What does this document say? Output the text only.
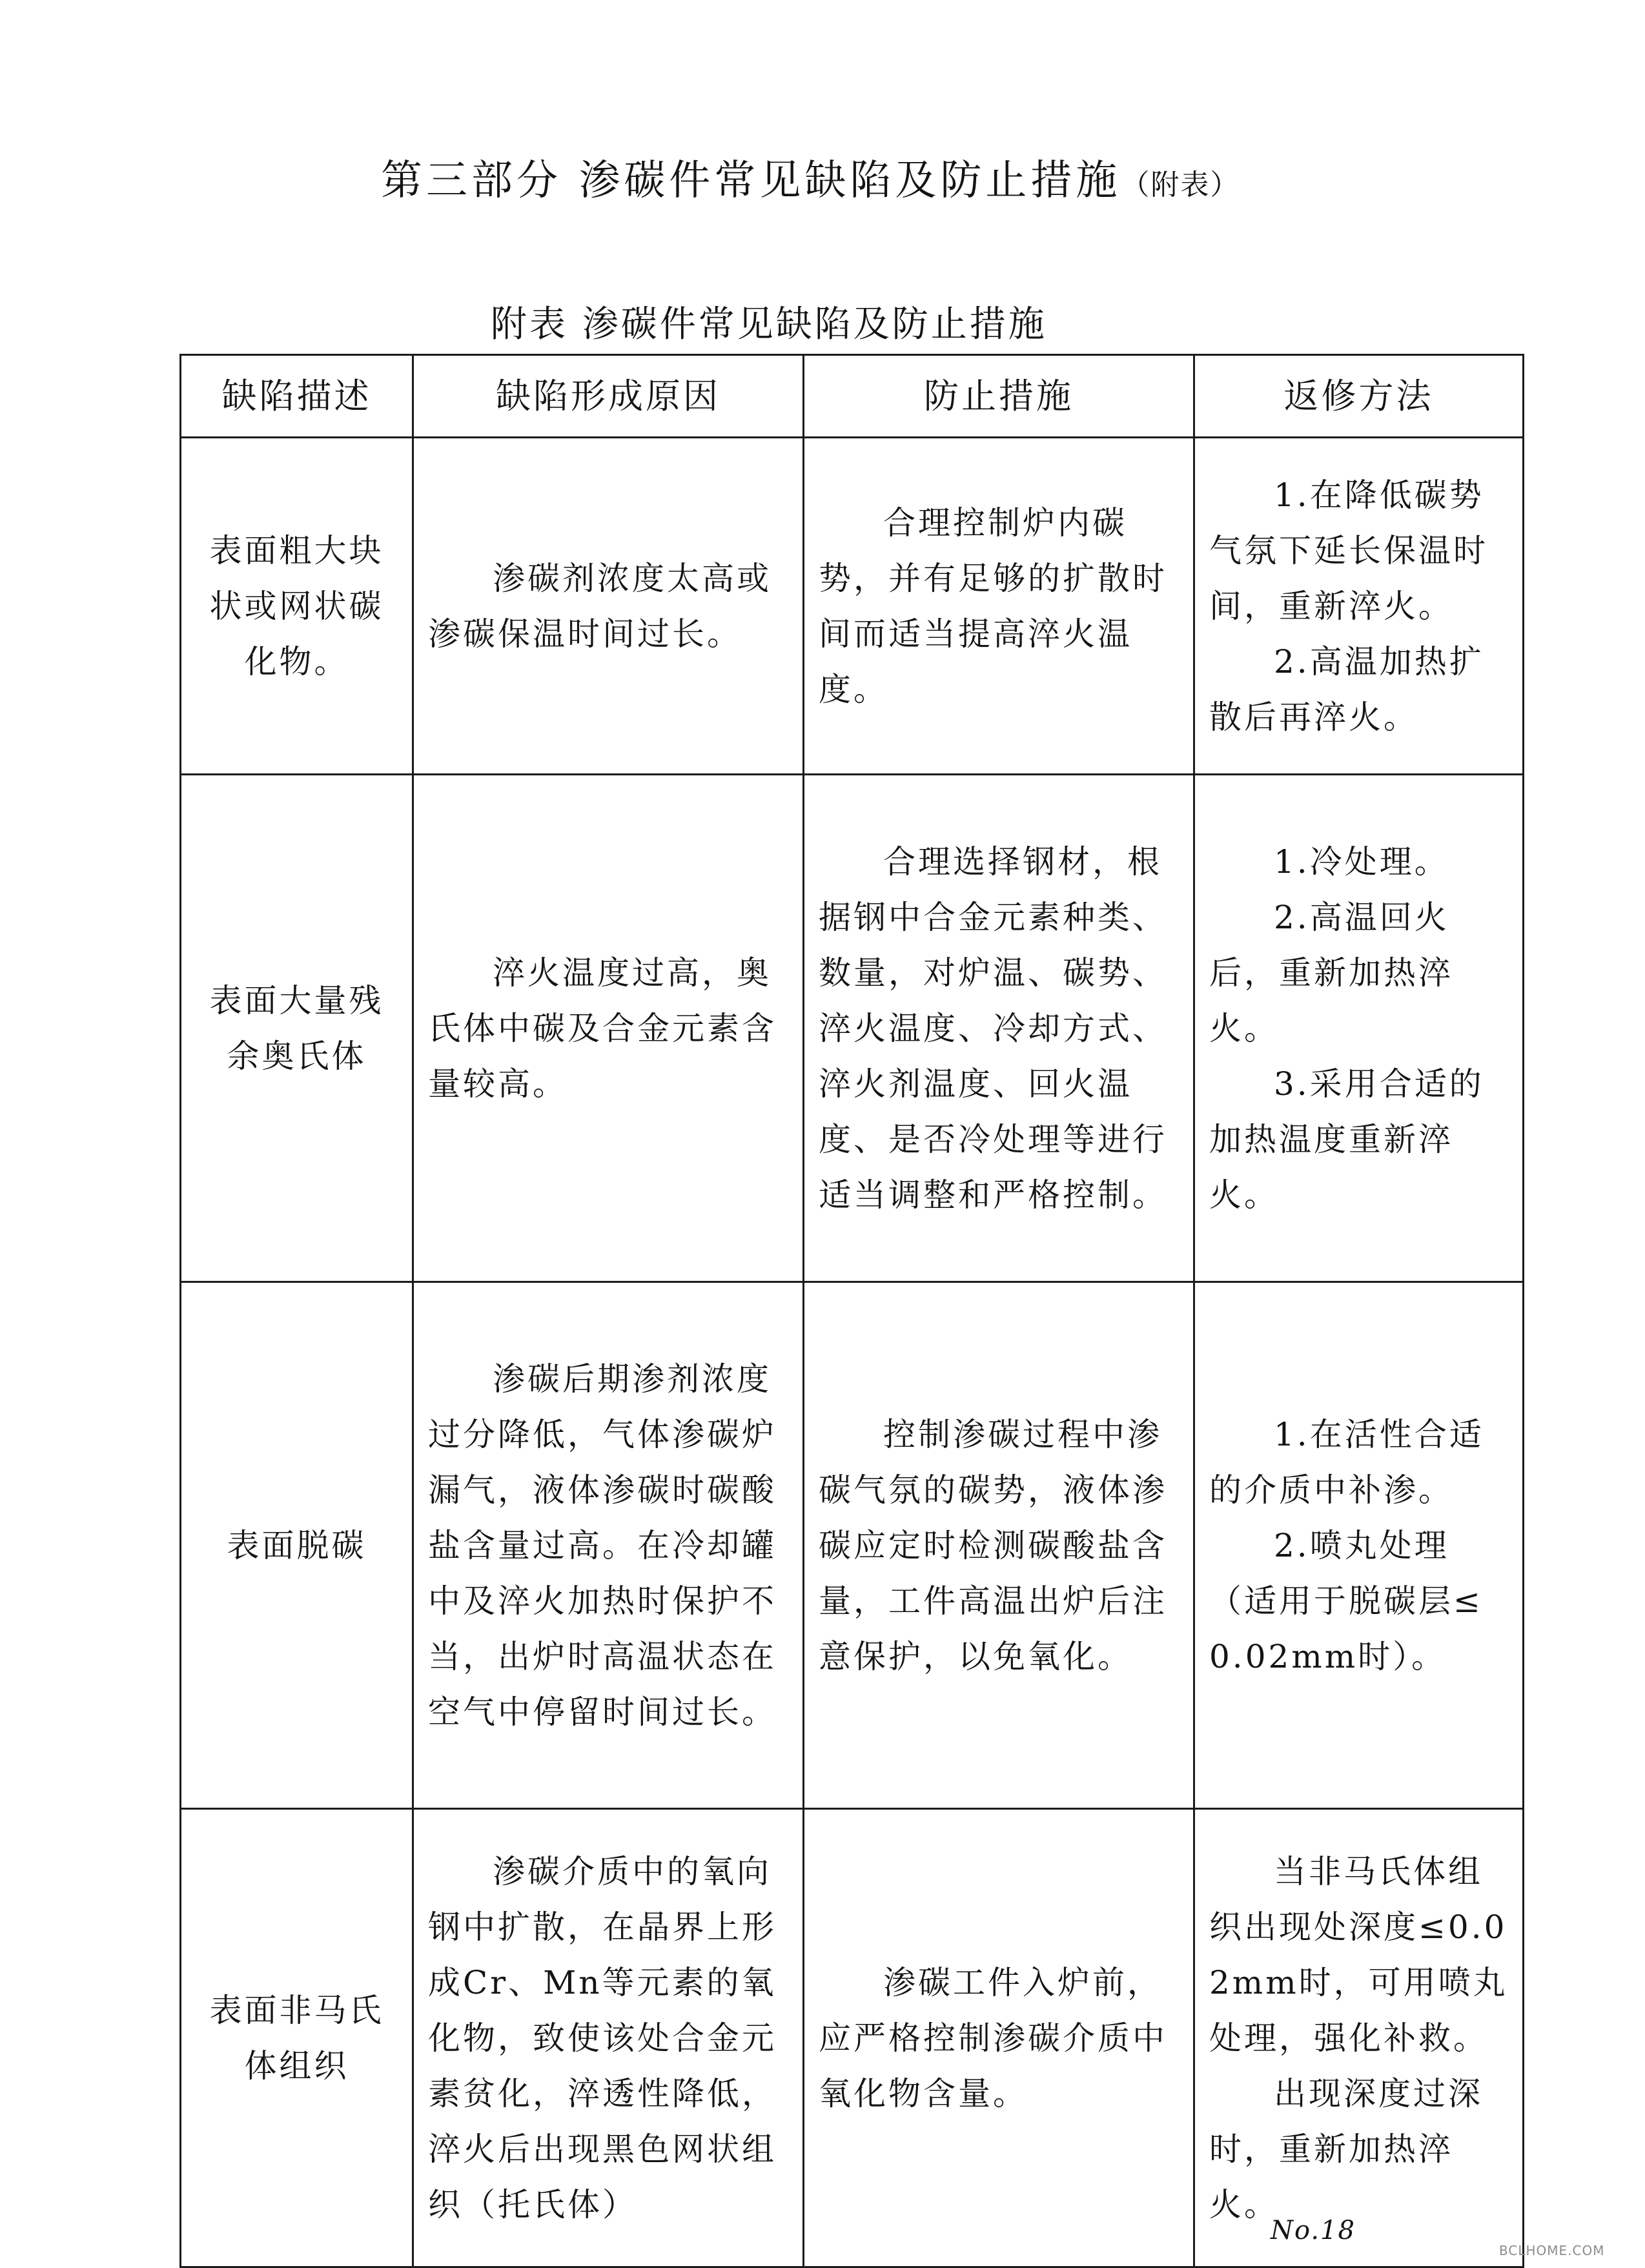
第三部分 渗碳件常见缺陷及防止措施（附表）
附表 渗碳件常见缺陷及防止措施
缺陷描述	缺陷形成原因	防止措施	返修方法
表面粗大块状或网状碳化物。	渗碳剂浓度太高或渗碳保温时间过长。	合理控制炉内碳势，并有足够的扩散时间而适当提高淬火温度。	1.在降低碳势气氛下延长保温时间，重新淬火。
2.高温加热扩散后再淬火。

表面大量残余奥氏体	淬火温度过高，奥氏体中碳及合金元素含量较高。	合理选择钢材，根据钢中合金元素种类、数量，对炉温、碳势、淬火温度、冷却方式、淬火剂温度、回火温度、是否冷处理等进行适当调整和严格控制。	1.冷处理。
2.高温回火后，重新加热淬火。
3.采用合适的加热温度重新淬火。

表面脱碳	渗碳后期渗剂浓度过分降低，气体渗碳炉漏气，液体渗碳时碳酸盐含量过高。在冷却罐中及淬火加热时保护不当，出炉时高温状态在空气中停留时间过长。	控制渗碳过程中渗碳气氛的碳势，液体渗碳应定时检测碳酸盐含量，工件高温出炉后注意保护，以免氧化。	1.在活性合适的介质中补渗。
2.喷丸处理（适用于脱碳层≤0.02mm时）。

表面非马氏体组织	渗碳介质中的氧向钢中扩散，在晶界上形成Cr、Mn等元素的氧化物，致使该处合金元素贫化，淬透性降低，淬火后出现黑色网状组织（托氏体）	渗碳工件入炉前，应严格控制渗碳介质中氧化物含量。	当非马氏体组织出现处深度≤0.02mm时，可用喷丸处理，强化补救。
出现深度过深时，重新加热淬火。
No.18
BCLHOME.COM
